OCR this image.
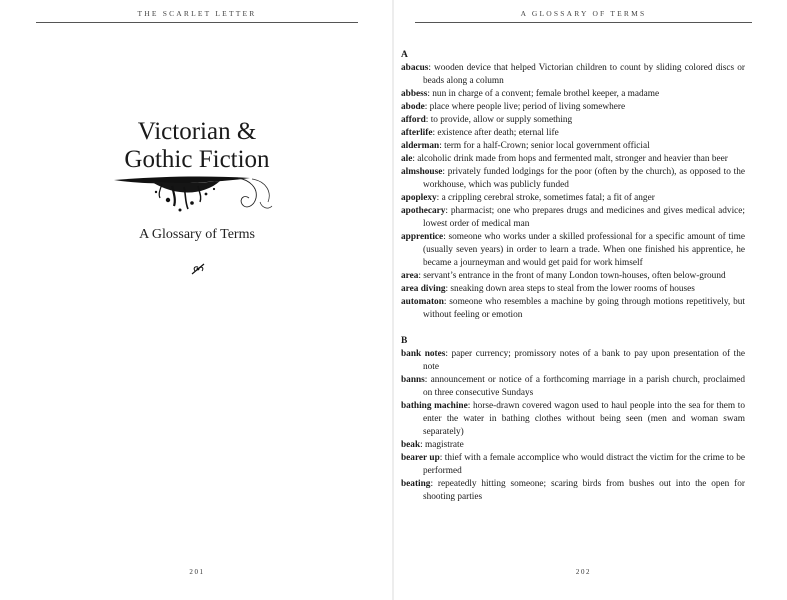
THE SCARLET LETTER
Victorian &
Gothic Fiction
A Glossary of Terms
201
A GLOSSARY OF TERMS
A
abacus: wooden device that helped Victorian children to count by sliding colored discs or beads along a column
abbess: nun in charge of a convent; female brothel keeper, a madame
abode: place where people live; period of living somewhere
afford: to provide, allow or supply something
afterlife: existence after death; eternal life
alderman: term for a half-Crown; senior local government official
ale: alcoholic drink made from hops and fermented malt, stronger and heavier than beer
almshouse: privately funded lodgings for the poor (often by the church), as opposed to the workhouse, which was publicly funded
apoplexy: a crippling cerebral stroke, sometimes fatal; a fit of anger
apothecary: pharmacist; one who prepares drugs and medicines and gives medical advice; lowest order of medical man
apprentice: someone who works under a skilled professional for a specific amount of time (usually seven years) in order to learn a trade. When one finished his apprentice, he became a journeyman and would get paid for work himself
area: servant’s entrance in the front of many London town-houses, often below-ground
area diving: sneaking down area steps to steal from the lower rooms of houses
automaton: someone who resembles a machine by going through motions repetitively, but without feeling or emotion
B
bank notes: paper currency; promissory notes of a bank to pay upon presentation of the note
banns: announcement or notice of a forthcoming marriage in a parish church, proclaimed on three consecutive Sundays
bathing machine: horse-drawn covered wagon used to haul people into the sea for them to enter the water in bathing clothes without being seen (men and woman swam separately)
beak: magistrate
bearer up: thief with a female accomplice who would distract the victim for the crime to be performed
beating: repeatedly hitting someone; scaring birds from bushes out into the open for shooting parties
202
